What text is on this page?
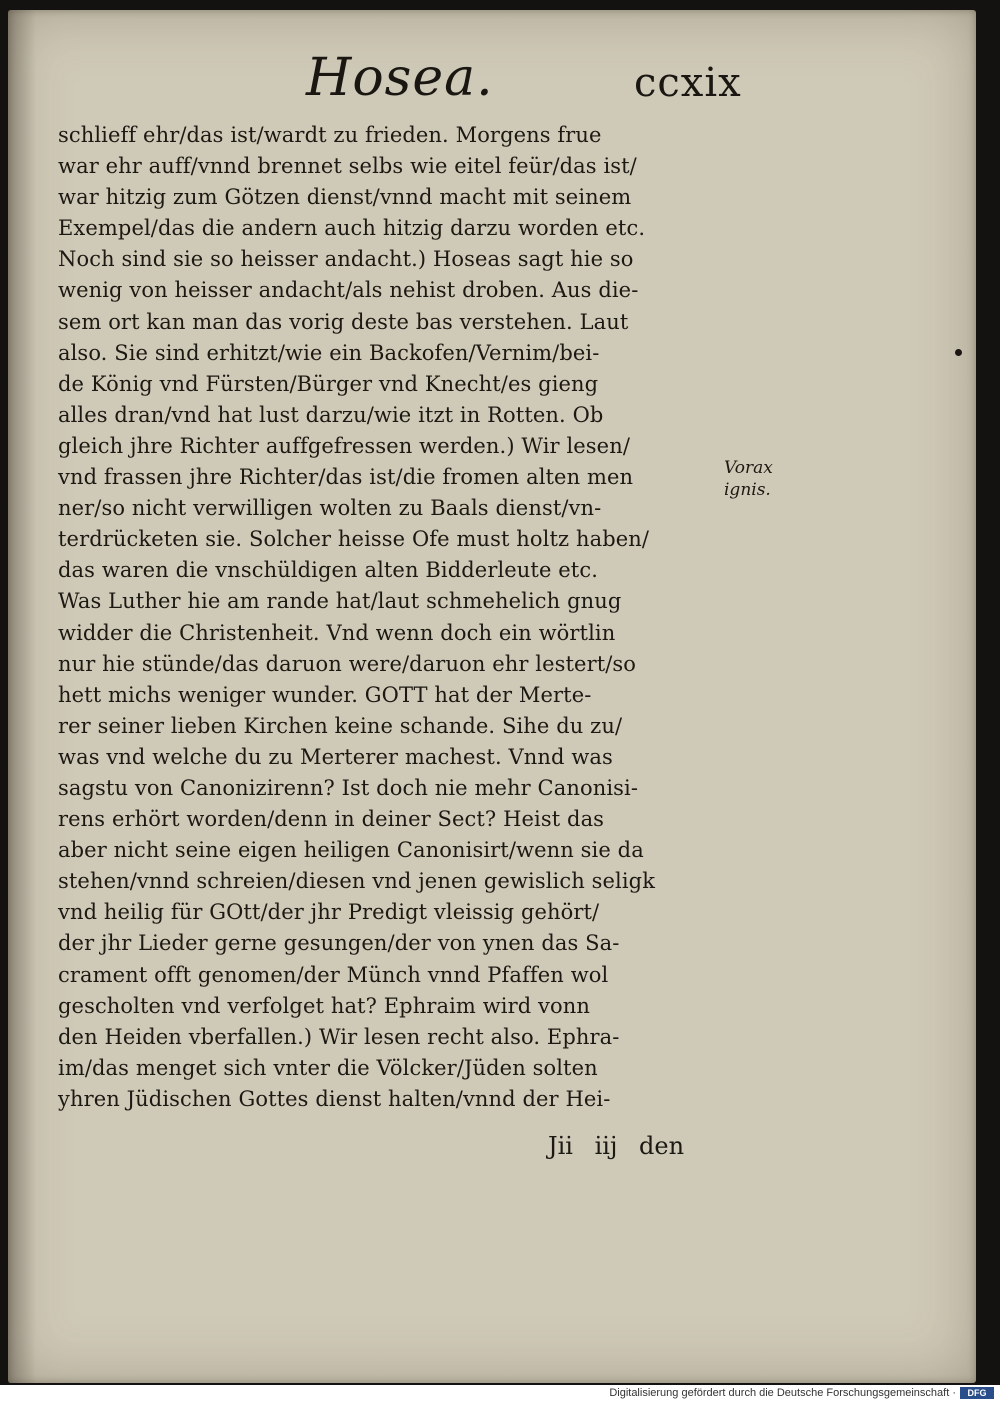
Hosea.	ccxix
schlieff ehr/das ist/wardt zu frieden. Morgens frue
war ehr auff/vnnd brennet selbs wie eitel feür/das ist/
war hitzig zum Götzen dienst/vnnd macht mit seinem
Exempel/das die andern auch hitzig darzu worden etc.
Noch sind sie so heisser andacht.) Hoseas sagt hie so
wenig von heisser andacht/als nehist droben. Aus die-
sem ort kan man das vorig deste bas verstehen. Laut
also. Sie sind erhitzt/wie ein Backofen/Vernim/bei-
de König vnd Fürsten/Bürger vnd Knecht/es gieng
alles dran/vnd hat lust darzu/wie itzt in Rotten. Ob
gleich jhre Richter auffgefressen werden.) Wir lesen/
vnd frassen jhre Richter/das ist/die fromen alten men
ner/so nicht verwilligen wolten zu Baals dienst/vn-
terdrücketen sie. Solcher heisse Ofe must holtz haben/
das waren die vnschüldigen alten Bidderleute etc.
Was Luther hie am rande hat/laut schmehelich gnug
widder die Christenheit. Vnd wenn doch ein wörtlin
nur hie stünde/das daruon were/daruon ehr lestert/so
hett michs weniger wunder. GOTT hat der Merte-
rer seiner lieben Kirchen keine schande. Sihe du zu/
was vnd welche du zu Merterer machest. Vnnd was
sagstu von Canonizirenn? Ist doch nie mehr Canonisi-
rens erhört worden/denn in deiner Sect? Heist das
aber nicht seine eigen heiligen Canonisirt/wenn sie da
stehen/vnnd schreien/diesen vnd jenen gewislich seligk
vnd heilig für GOtt/der jhr Predigt vleissig gehört/
der jhr Lieder gerne gesungen/der von ynen das Sa-
crament offt genomen/der Münch vnnd Pfaffen wol
gescholten vnd verfolget hat? Ephraim wird vonn
den Heiden vberfallen.) Wir lesen recht also. Ephra-
im/das menget sich vnter die Völcker/Jüden solten
yhren Jüdischen Gottes dienst halten/vnnd der Hei-
Jii iij den
Vorax
ignis.
Digitalisierung gefördert durch die Deutsche Forschungsgemeinschaft ·	DFG
